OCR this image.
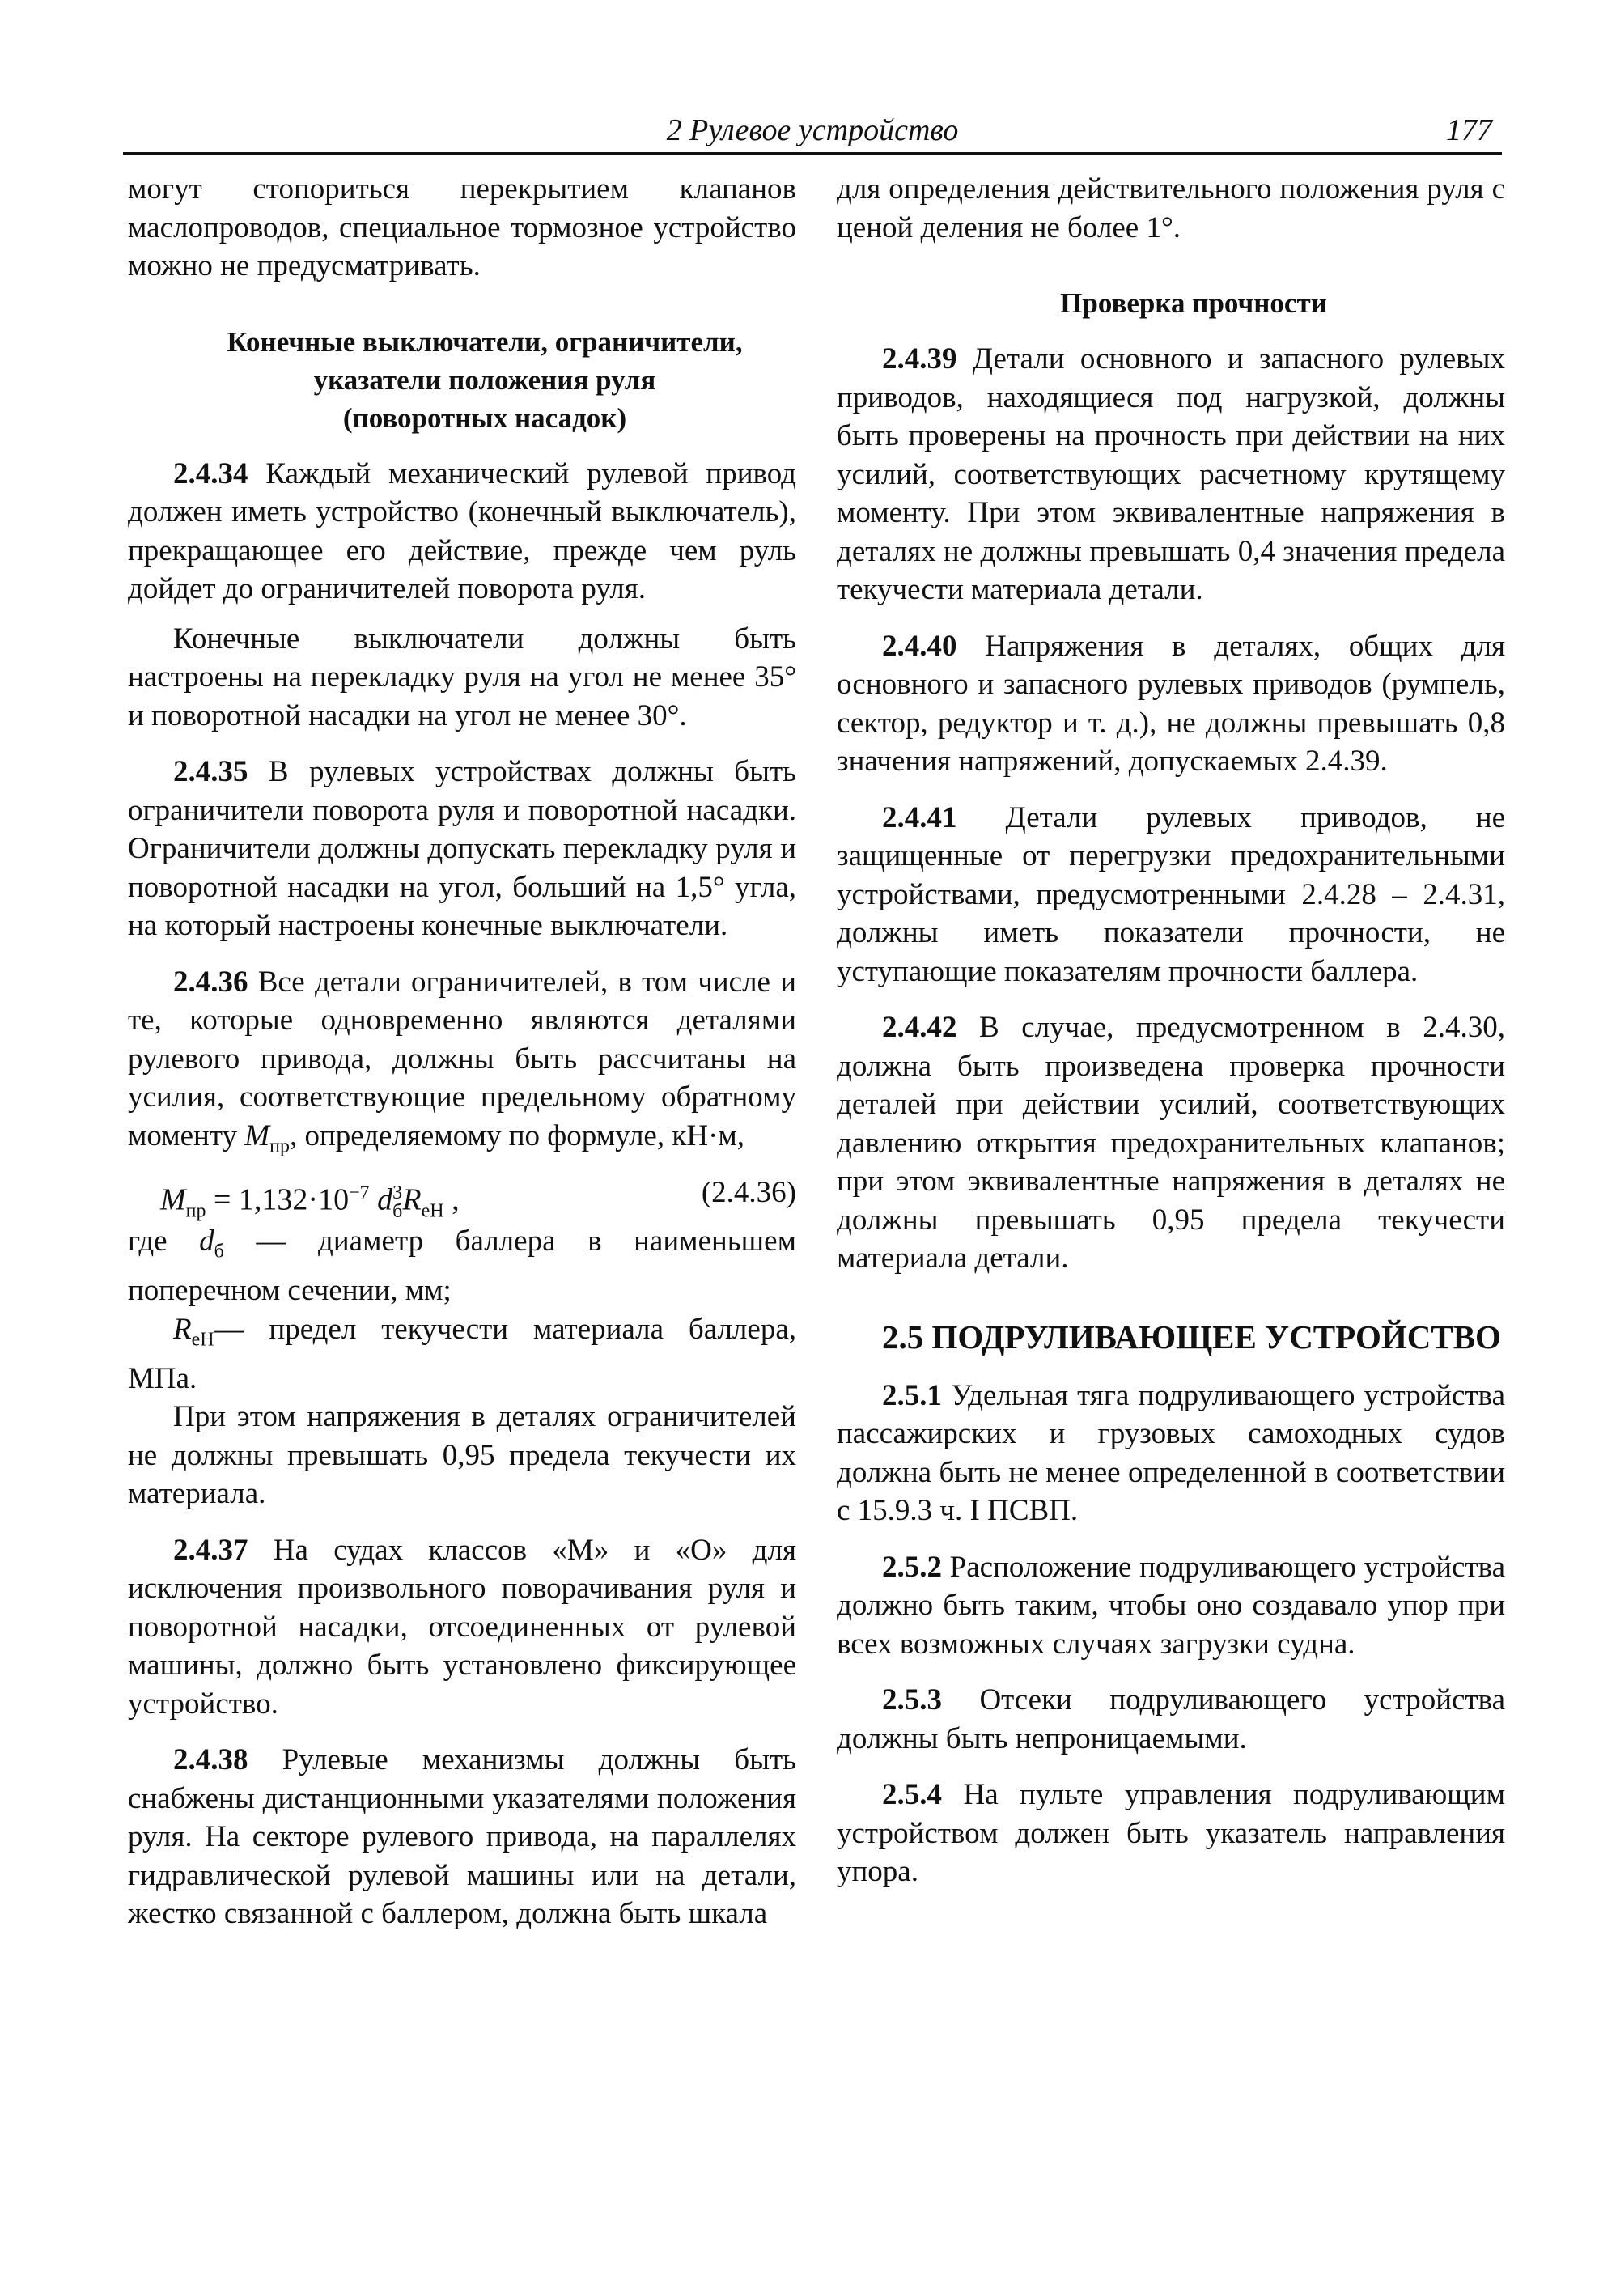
2 Рулевое устройство	177

могут стопориться перекрытием клапанов маслопроводов, специальное тормозное устройство можно не предусматривать.

Конечные выключатели, ограничители,

указатели положения руля

(поворотных насадок)

2.4.34 Каждый механический рулевой привод должен иметь устройство (конечный выключатель), прекращающее его действие, прежде чем руль дойдет до ограничителей поворота руля.

Конечные выключатели должны быть настроены на перекладку руля на угол не менее 35° и поворотной насадки на угол не менее 30°.

2.4.35 В рулевых устройствах должны быть ограничители поворота руля и поворотной насадки. Ограничители должны допускать перекладку руля и поворотной насадки на угол, больший на 1,5° угла, на который настроены конечные выключатели.

2.4.36 Все детали ограничителей, в том числе и те, которые одновременно являются деталями рулевого привода, должны быть рассчитаны на усилия, соответствующие предельному обратному моменту $M_{пр}$, определяемому по формуле, кН·м,

$M_{пр} = 1,132\cdot 10^{-7}$ $d^3_бR_{еН}$ ,	(2.4.36)

где $d_б$ — диаметр баллера в наименьшем поперечном сечении, мм;

$R_{еН}—$ предел текучести материала баллера, МПа.

При этом напряжения в деталях ограничителей не должны превышать 0,95 предела текучести их материала.

2.4.37 На судах классов «М» и «О» для исключения произвольного поворачивания руля и поворотной насадки, отсоединенных от рулевой машины, должно быть установлено фиксирующее устройство.

2.4.38 Рулевые механизмы должны быть снабжены дистанционными указателями положения руля. На секторе рулевого привода, на параллелях гидравлической рулевой машины или на детали, жестко связанной с баллером, должна быть шкала

для определения действительного положения руля с ценой деления не более 1°.

Проверка прочности

2.4.39 Детали основного и запасного рулевых приводов, находящиеся под нагрузкой, должны быть проверены на прочность при действии на них усилий, соответствующих расчетному крутящему моменту. При этом эквивалентные напряжения в деталях не должны превышать 0,4 значения предела текучести материала детали.

2.4.40 Напряжения в деталях, общих для основного и запасного рулевых приводов (румпель, сектор, редуктор и т. д.), не должны превышать 0,8 значения напряжений, допускаемых 2.4.39.

2.4.41 Детали рулевых приводов, не защищенные от перегрузки предохранительными устройствами, предусмотренными 2.4.28 – 2.4.31, должны иметь показатели прочности, не уступающие показателям прочности баллера.

2.4.42 В случае, предусмотренном в 2.4.30, должна быть произведена проверка прочности деталей при действии усилий, соответствующих давлению открытия предохранительных клапанов; при этом эквивалентные напряжения в деталях не должны превышать 0,95 предела текучести материала детали.

2.5 ПОДРУЛИВАЮЩЕЕ УСТРОЙСТВО

2.5.1 Удельная тяга подруливающего устройства пассажирских и грузовых самоходных судов должна быть не менее определенной в соответствии с 15.9.3 ч. I ПСВП.

2.5.2 Расположение подруливающего устройства должно быть таким, чтобы оно создавало упор при всех возможных случаях загрузки судна.

2.5.3 Отсеки подруливающего устройства должны быть непроницаемыми.

2.5.4 На пульте управления подруливающим устройством должен быть указатель направления упора.
